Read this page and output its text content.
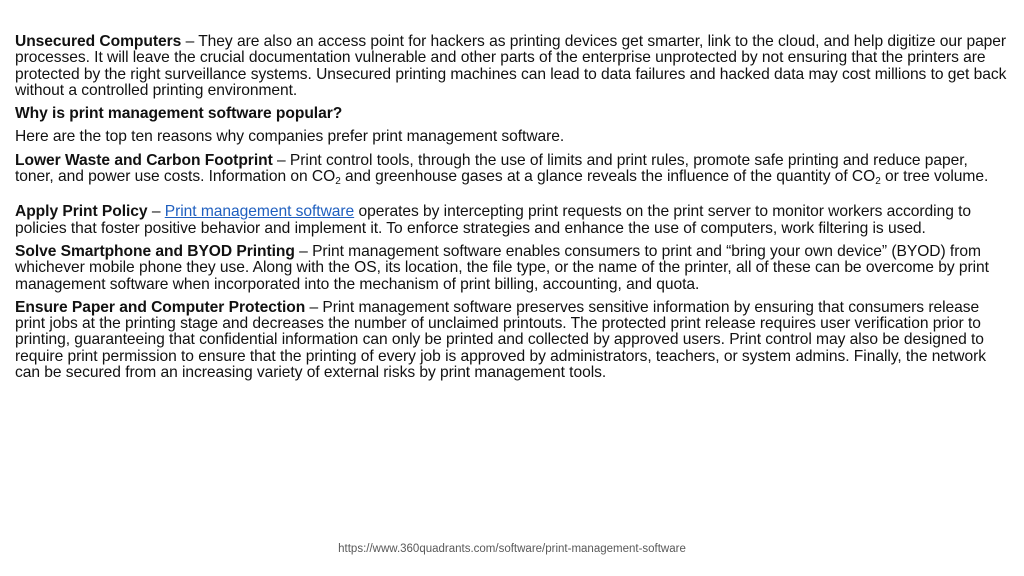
Unsecured Computers – They are also an access point for hackers as printing devices get smarter, link to the cloud, and help digitize our paper processes. It will leave the crucial documentation vulnerable and other parts of the enterprise unprotected by not ensuring that the printers are protected by the right surveillance systems. Unsecured printing machines can lead to data failures and hacked data may cost millions to get back without a controlled printing environment.

Why is print management software popular?

Here are the top ten reasons why companies prefer print management software.

Lower Waste and Carbon Footprint – Print control tools, through the use of limits and print rules, promote safe printing and reduce paper, toner, and power use costs. Information on $CO_2$ and greenhouse gases at a glance reveals the influence of the quantity of $CO_2$ or tree volume.

Apply Print Policy – Print management software operates by intercepting print requests on the print server to monitor workers according to policies that foster positive behavior and implement it. To enforce strategies and enhance the use of computers, work filtering is used.

Solve Smartphone and BYOD Printing – Print management software enables consumers to print and “bring your own device” (BYOD) from whichever mobile phone they use. Along with the OS, its location, the file type, or the name of the printer, all of these can be overcome by print management software when incorporated into the mechanism of print billing, accounting, and quota.

Ensure Paper and Computer Protection – Print management software preserves sensitive information by ensuring that consumers release print jobs at the printing stage and decreases the number of unclaimed printouts. The protected print release requires user verification prior to printing, guaranteeing that confidential information can only be printed and collected by approved users. Print control may also be designed to require print permission to ensure that the printing of every job is approved by administrators, teachers, or system admins. Finally, the network can be secured from an increasing variety of external risks by print management tools.

https://www.360quadrants.com/software/print-management-software
